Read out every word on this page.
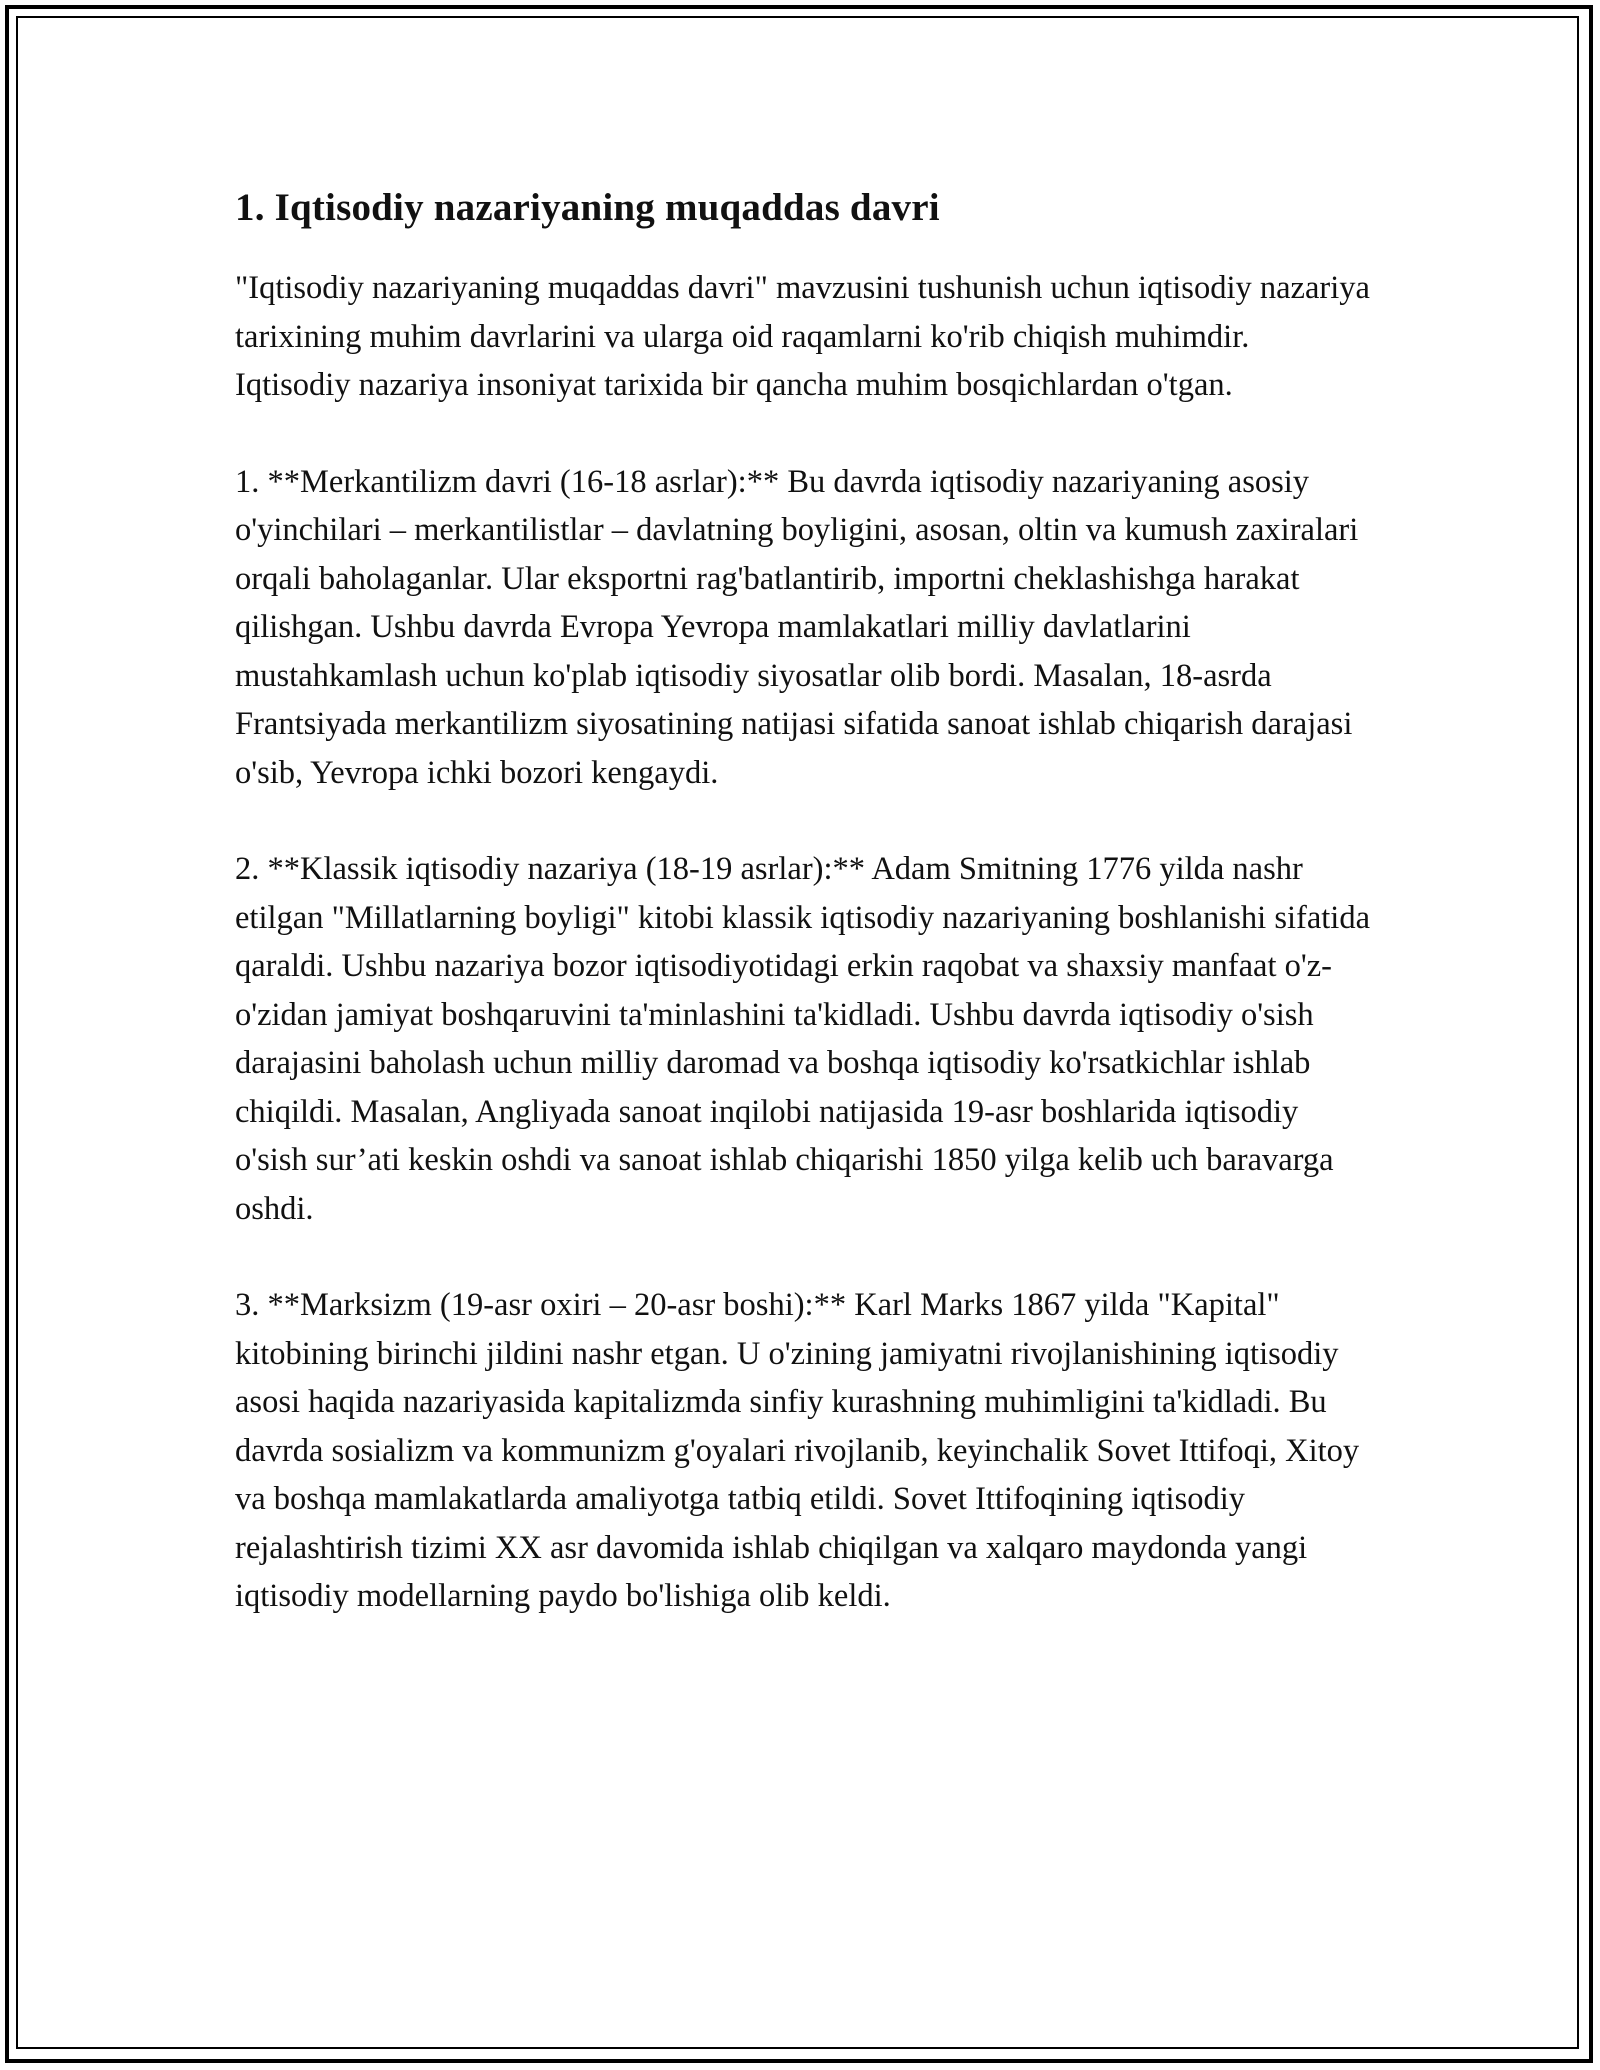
1. Iqtisodiy nazariyaning muqaddas davri

"Iqtisodiy nazariyaning muqaddas davri" mavzusini tushunish uchun iqtisodiy nazariya tarixining muhim davrlarini va ularga oid raqamlarni ko'rib chiqish muhimdir. Iqtisodiy nazariya insoniyat tarixida bir qancha muhim bosqichlardan o'tgan.

1. **Merkantilizm davri (16-18 asrlar):** Bu davrda iqtisodiy nazariyaning asosiy o'yinchilari – merkantilistlar – davlatning boyligini, asosan, oltin va kumush zaxiralari orqali baholaganlar. Ular eksportni rag'batlantirib, importni cheklashishga harakat qilishgan. Ushbu davrda Evropa Yevropa mamlakatlari milliy davlatlarini mustahkamlash uchun ko'plab iqtisodiy siyosatlar olib bordi. Masalan, 18-asrda Frantsiyada merkantilizm siyosatining natijasi sifatida sanoat ishlab chiqarish darajasi o'sib, Yevropa ichki bozori kengaydi.

2. **Klassik iqtisodiy nazariya (18-19 asrlar):** Adam Smitning 1776 yilda nashr etilgan "Millatlarning boyligi" kitobi klassik iqtisodiy nazariyaning boshlanishi sifatida qaraldi. Ushbu nazariya bozor iqtisodiyotidagi erkin raqobat va shaxsiy manfaat o'z-o'zidan jamiyat boshqaruvini ta'minlashini ta'kidladi. Ushbu davrda iqtisodiy o'sish darajasini baholash uchun milliy daromad va boshqa iqtisodiy ko'rsatkichlar ishlab chiqildi. Masalan, Angliyada sanoat inqilobi natijasida 19-asr boshlarida iqtisodiy o'sish sur’ati keskin oshdi va sanoat ishlab chiqarishi 1850 yilga kelib uch baravarga oshdi.

3. **Marksizm (19-asr oxiri – 20-asr boshi):** Karl Marks 1867 yilda "Kapital" kitobining birinchi jildini nashr etgan. U o'zining jamiyatni rivojlanishining iqtisodiy asosi haqida nazariyasida kapitalizmda sinfiy kurashning muhimligini ta'kidladi. Bu davrda sosializm va kommunizm g'oyalari rivojlanib, keyinchalik Sovet Ittifoqi, Xitoy va boshqa mamlakatlarda amaliyotga tatbiq etildi. Sovet Ittifoqining iqtisodiy rejalashtirish tizimi XX asr davomida ishlab chiqilgan va xalqaro maydonda yangi iqtisodiy modellarning paydo bo'lishiga olib keldi.
